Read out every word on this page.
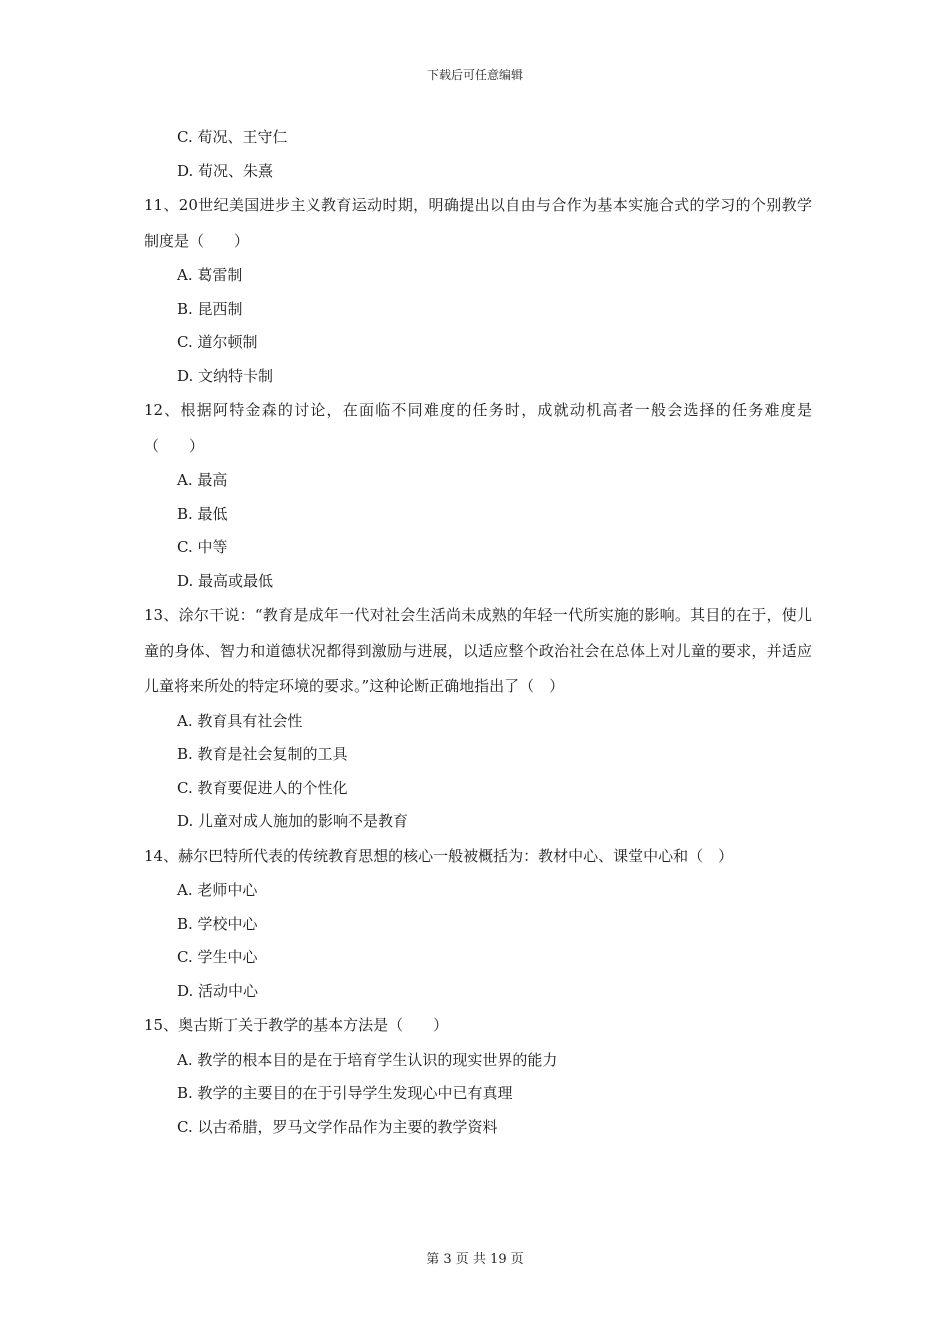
下载后可任意编辑
C. 荀况、王守仁
D. 荀况、朱熹
11、20世纪美国进步主义教育运动时期，明确提出以自由与合作为基本实施合式的学习的个别教学制度是（　　）
A. 葛雷制
B. 昆西制
C. 道尔顿制
D. 文纳特卡制
12、根据阿特金森的讨论，在面临不同难度的任务时，成就动机高者一般会选择的任务难度是（　　）
A. 最高
B. 最低
C. 中等
D. 最高或最低
13、涂尔干说：“教育是成年一代对社会生活尚未成熟的年轻一代所实施的影响。其目的在于，使儿童的身体、智力和道德状况都得到激励与进展，以适应整个政治社会在总体上对儿童的要求，并适应儿童将来所处的特定环境的要求。”这种论断正确地指出了（　）
A. 教育具有社会性
B. 教育是社会复制的工具
C. 教育要促进人的个性化
D. 儿童对成人施加的影响不是教育
14、赫尔巴特所代表的传统教育思想的核心一般被概括为：教材中心、课堂中心和（　）
A. 老师中心
B. 学校中心
C. 学生中心
D. 活动中心
15、奥古斯丁关于教学的基本方法是（　　）
A. 教学的根本目的是在于培育学生认识的现实世界的能力
B. 教学的主要目的在于引导学生发现心中已有真理
C. 以古希腊，罗马文学作品作为主要的教学资料
第 3 页 共 19 页
